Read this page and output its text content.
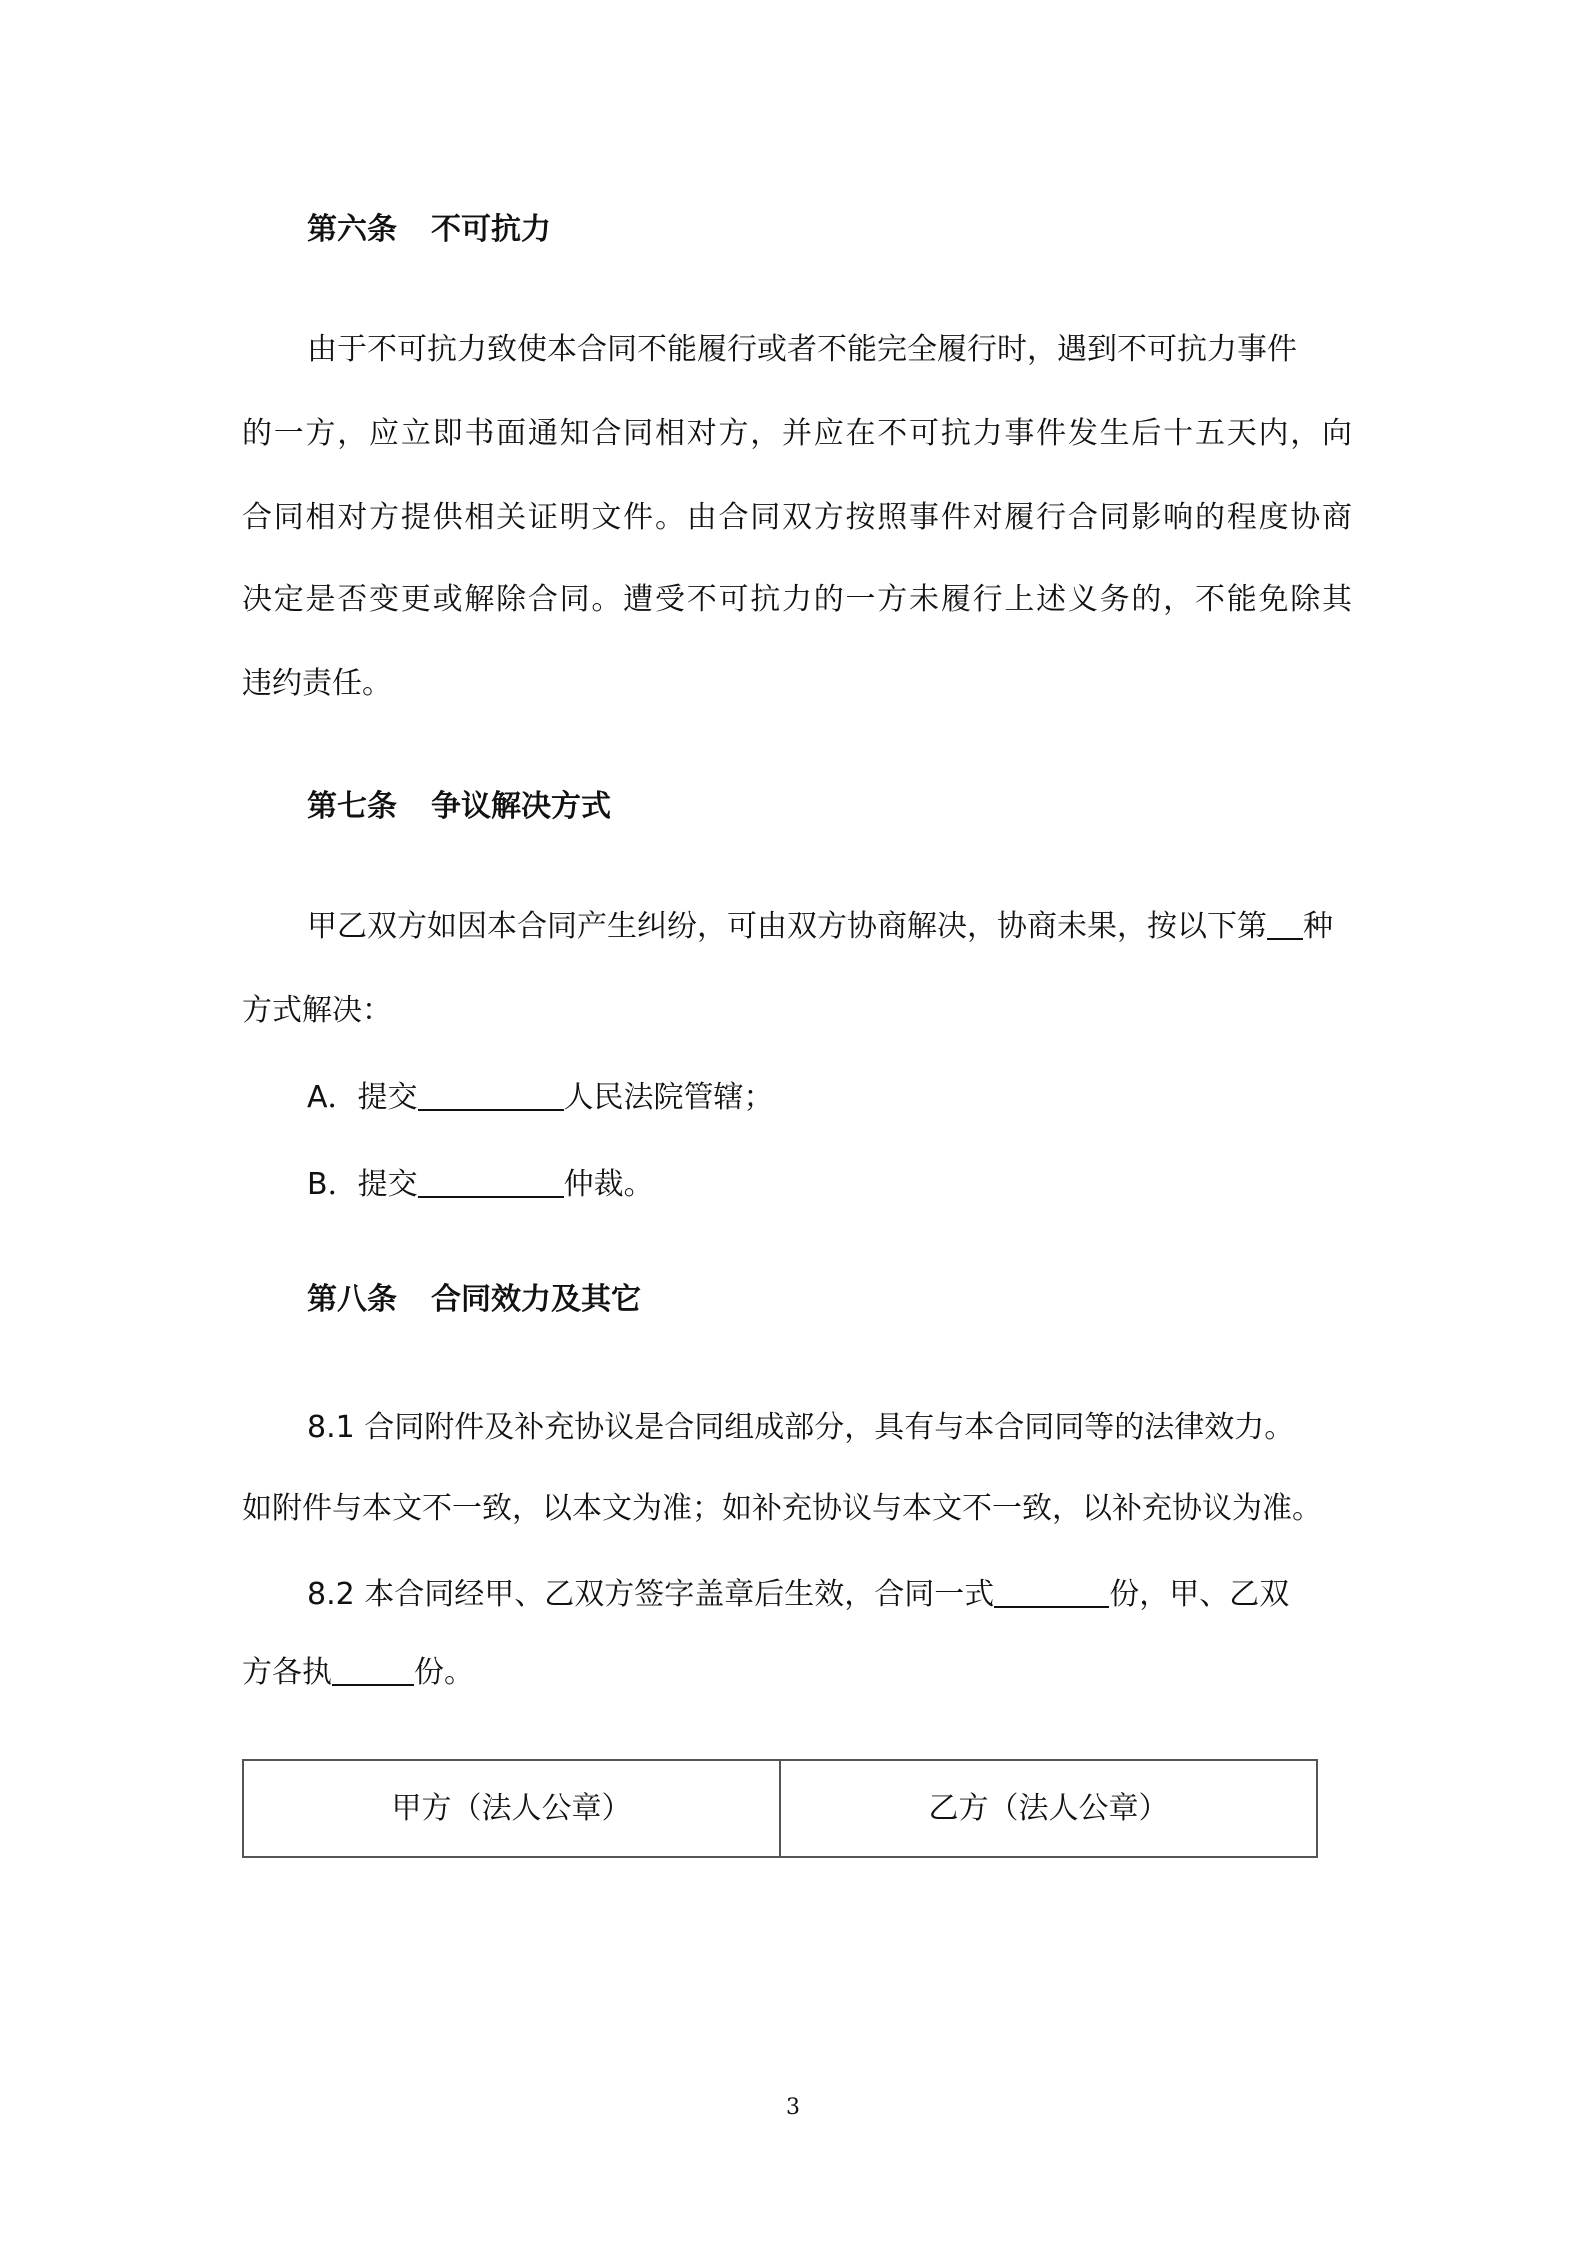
第六条 不可抗力

由于不可抗力致使本合同不能履行或者不能完全履行时，遇到不可抗力事件

的一方，应立即书面通知合同相对方，并应在不可抗力事件发生后十五天内，向

合同相对方提供相关证明文件。由合同双方按照事件对履行合同影响的程度协商

决定是否变更或解除合同。遭受不可抗力的一方未履行上述义务的，不能免除其

违约责任。

第七条 争议解决方式

甲乙双方如因本合同产生纠纷，可由双方协商解决，协商未果，按以下第 种

方式解决：

A．提交	人民法院管辖；

B．提交	仲裁。

第八条 合同效力及其它

8.1 合同附件及补充协议是合同组成部分，具有与本合同同等的法律效力。

如附件与本文不一致，以本文为准；如补充协议与本文不一致，以补充协议为准。

8.2 本合同经甲、乙双方签字盖章后生效，合同一式	份，甲、乙双

方各执	份。

甲方（法人公章）	乙方（法人公章）
3
